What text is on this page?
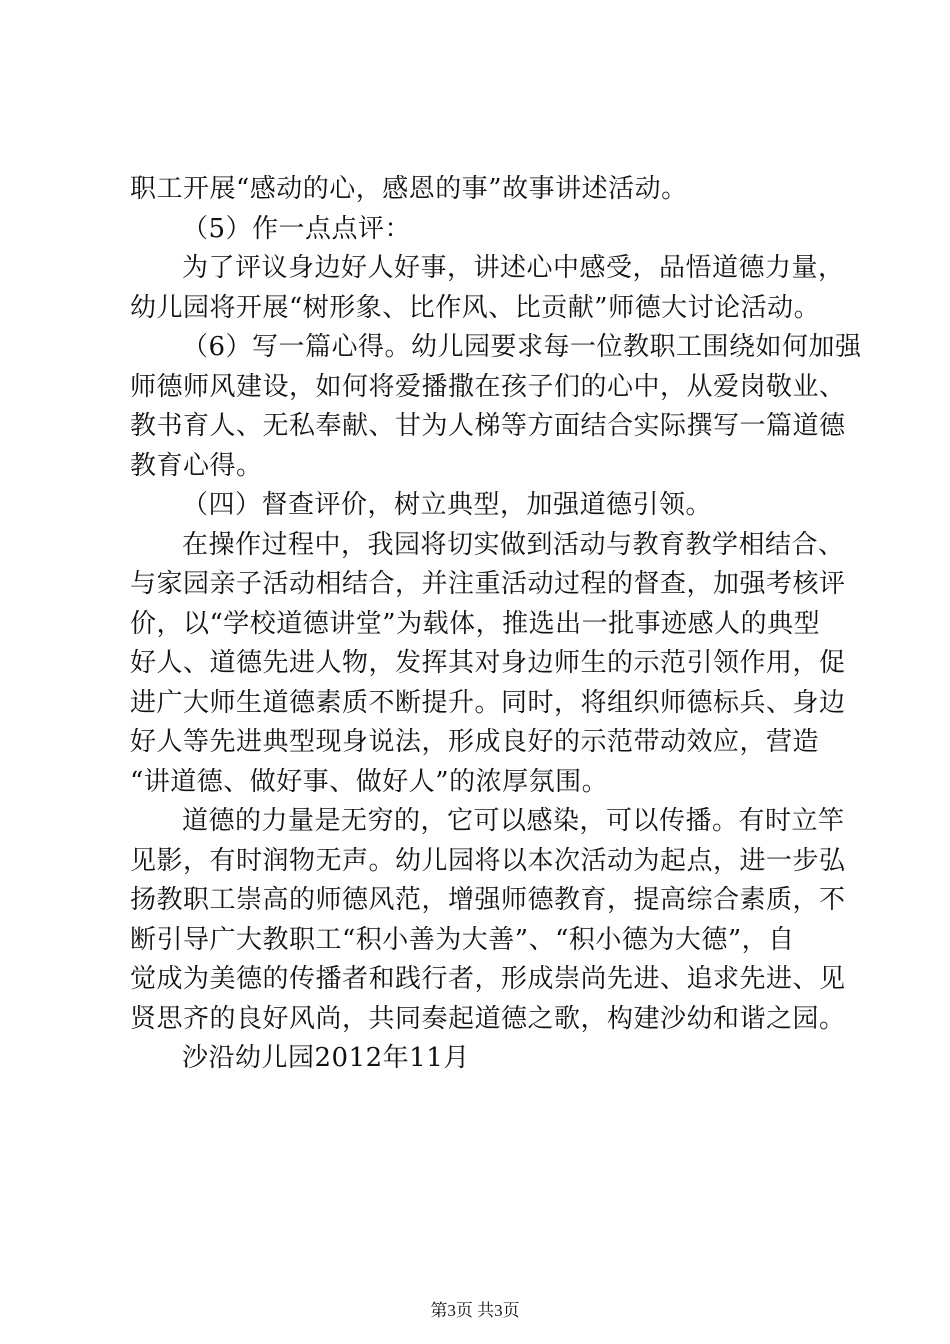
职工开展“感动的心，感恩的事”故事讲述活动。
（5）作一点点评：
为了评议身边好人好事，讲述心中感受，品悟道德力量，
幼儿园将开展“树形象、比作风、比贡献”师德大讨论活动。
（6）写一篇心得。幼儿园要求每一位教职工围绕如何加强
师德师风建设，如何将爱播撒在孩子们的心中，从爱岗敬业、
教书育人、无私奉献、甘为人梯等方面结合实际撰写一篇道德
教育心得。
（四）督查评价，树立典型，加强道德引领。
在操作过程中，我园将切实做到活动与教育教学相结合、
与家园亲子活动相结合，并注重活动过程的督查，加强考核评
价，以“学校道德讲堂”为载体，推选出一批事迹感人的典型
好人、道德先进人物，发挥其对身边师生的示范引领作用，促
进广大师生道德素质不断提升。同时，将组织师德标兵、身边
好人等先进典型现身说法，形成良好的示范带动效应，营造
“讲道德、做好事、做好人”的浓厚氛围。
道德的力量是无穷的，它可以感染，可以传播。有时立竿
见影，有时润物无声。幼儿园将以本次活动为起点，进一步弘
扬教职工崇高的师德风范，增强师德教育，提高综合素质，不
断引导广大教职工“积小善为大善”、“积小德为大德”，自
觉成为美德的传播者和践行者，形成崇尚先进、追求先进、见
贤思齐的良好风尚，共同奏起道德之歌，构建沙幼和谐之园。
沙沿幼儿园2012年11月
第3页 共3页
